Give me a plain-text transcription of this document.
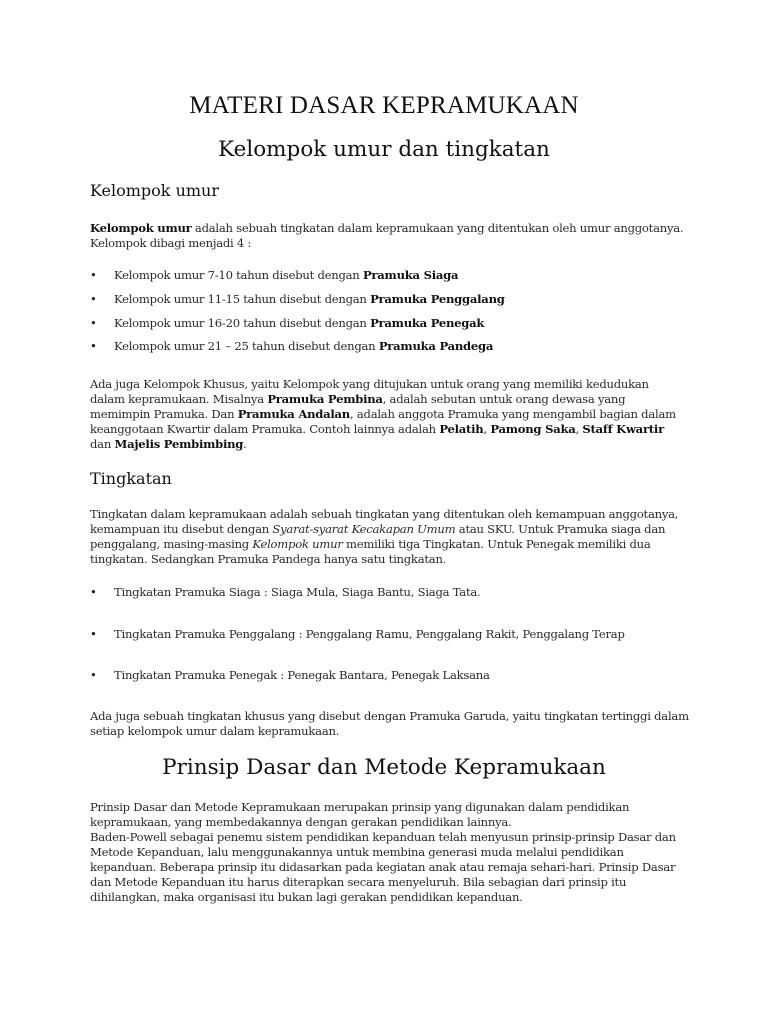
MATERI DASAR KEPRAMUKAAN
Kelompok umur dan tingkatan
Kelompok umur
Kelompok umur adalah sebuah tingkatan dalam kepramukaan yang ditentukan oleh umur anggotanya.
Kelompok dibagi menjadi 4 :
•	Kelompok umur 7-10 tahun disebut dengan Pramuka Siaga
•	Kelompok umur 11-15 tahun disebut dengan Pramuka Penggalang
•	Kelompok umur 16-20 tahun disebut dengan Pramuka Penegak
•	Kelompok umur 21 – 25 tahun disebut dengan Pramuka Pandega
Ada juga Kelompok Khusus, yaitu Kelompok yang ditujukan untuk orang yang memiliki kedudukan
dalam kepramukaan. Misalnya Pramuka Pembina, adalah sebutan untuk orang dewasa yang
memimpin Pramuka. Dan Pramuka Andalan, adalah anggota Pramuka yang mengambil bagian dalam
keanggotaan Kwartir dalam Pramuka. Contoh lainnya adalah Pelatih, Pamong Saka, Staff Kwartir
dan Majelis Pembimbing.
Tingkatan
Tingkatan dalam kepramukaan adalah sebuah tingkatan yang ditentukan oleh kemampuan anggotanya,
kemampuan itu disebut dengan Syarat-syarat Kecakapan Umum atau SKU. Untuk Pramuka siaga dan
penggalang, masing-masing Kelompok umur memiliki tiga Tingkatan. Untuk Penegak memiliki dua
tingkatan. Sedangkan Pramuka Pandega hanya satu tingkatan.
•	Tingkatan Pramuka Siaga : Siaga Mula, Siaga Bantu, Siaga Tata.
•	Tingkatan Pramuka Penggalang : Penggalang Ramu, Penggalang Rakit, Penggalang Terap
•	Tingkatan Pramuka Penegak : Penegak Bantara, Penegak Laksana
Ada juga sebuah tingkatan khusus yang disebut dengan Pramuka Garuda, yaitu tingkatan tertinggi dalam
setiap kelompok umur dalam kepramukaan.
Prinsip Dasar dan Metode Kepramukaan
Prinsip Dasar dan Metode Kepramukaan merupakan prinsip yang digunakan dalam pendidikan
kepramukaan, yang membedakannya dengan gerakan pendidikan lainnya.
Baden-Powell sebagai penemu sistem pendidikan kepanduan telah menyusun prinsip-prinsip Dasar dan
Metode Kepanduan, lalu menggunakannya untuk membina generasi muda melalui pendidikan
kepanduan. Beberapa prinsip itu didasarkan pada kegiatan anak atau remaja sehari-hari. Prinsip Dasar
dan Metode Kepanduan itu harus diterapkan secara menyeluruh. Bila sebagian dari prinsip itu
dihilangkan, maka organisasi itu bukan lagi gerakan pendidikan kepanduan.
